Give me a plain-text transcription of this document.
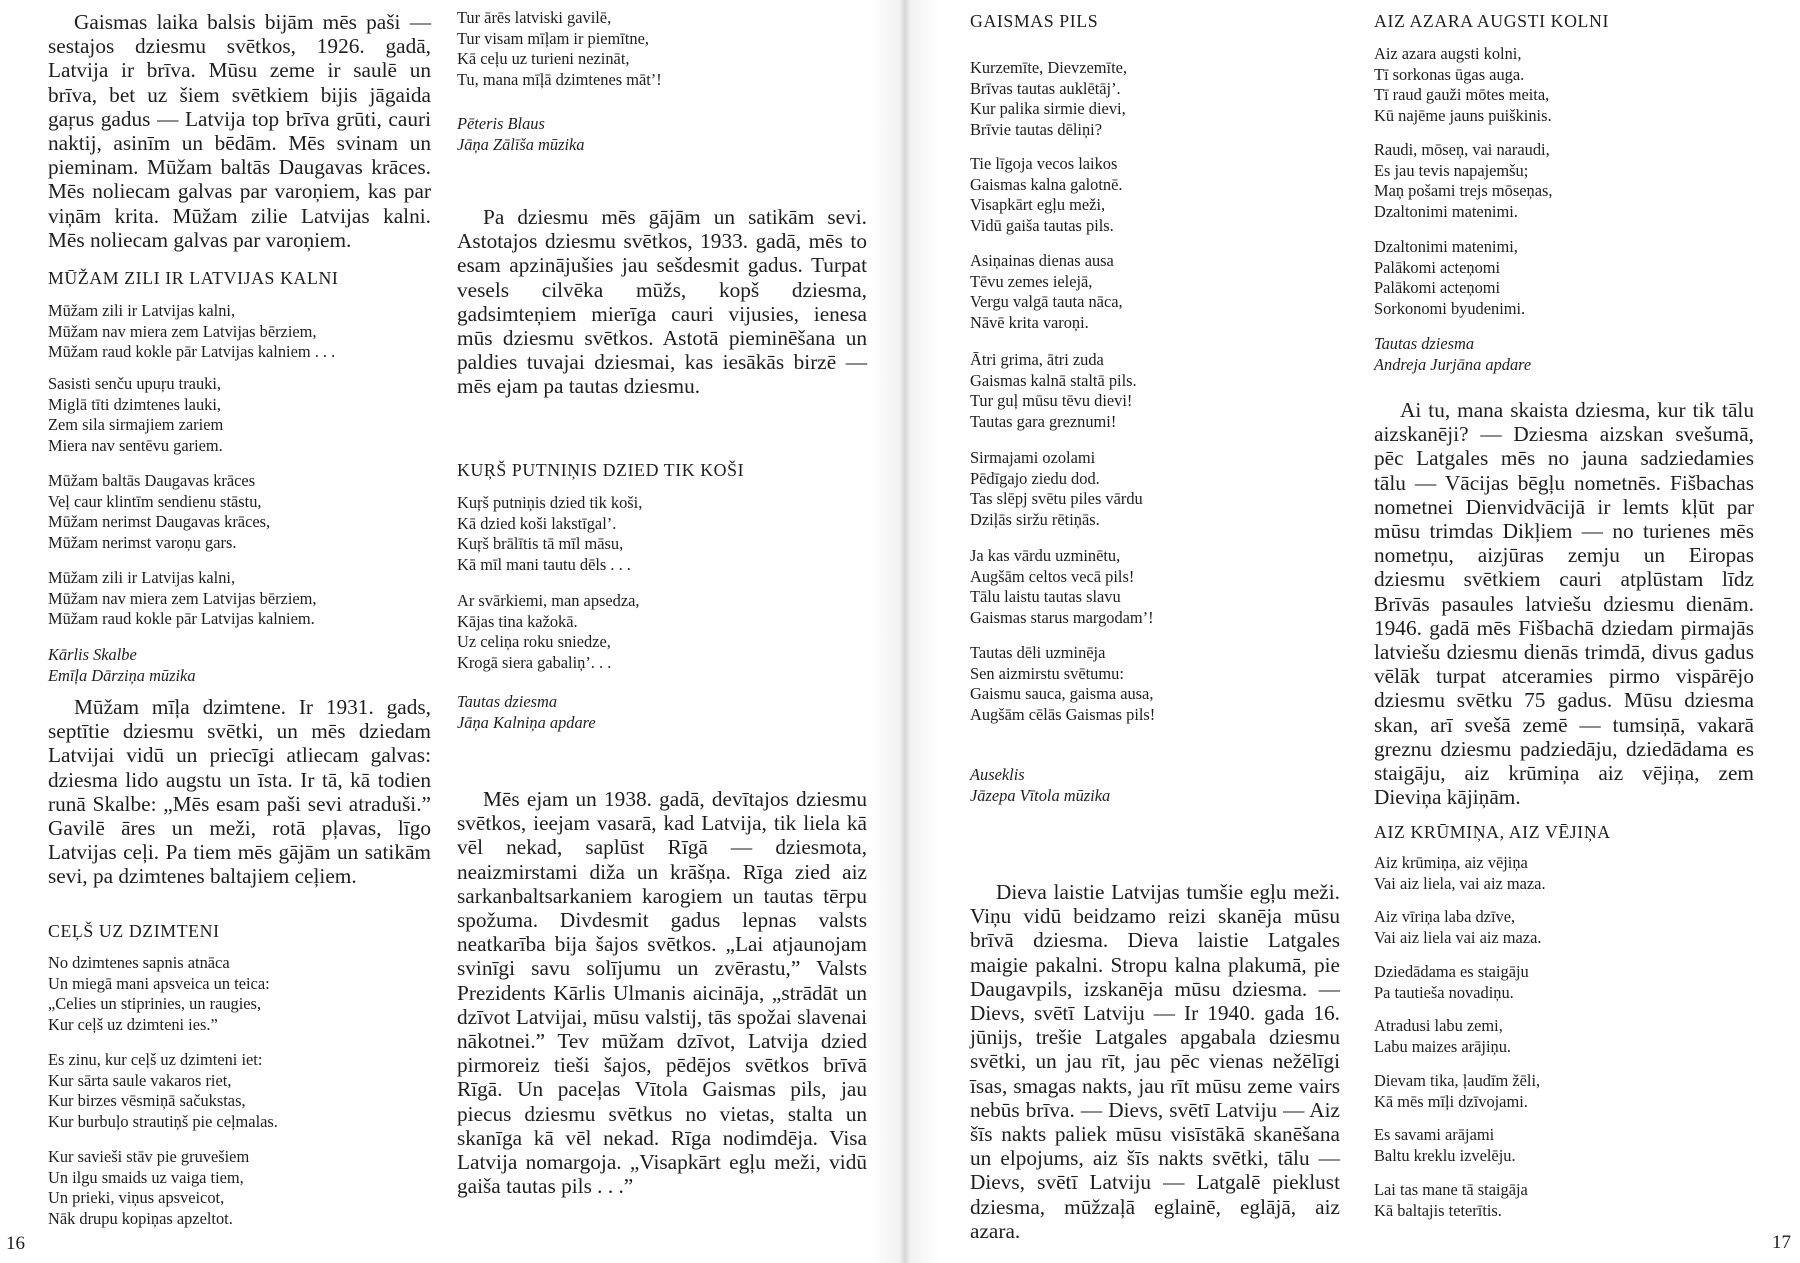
Gaismas laika balsis bijām mēs paši — sestajos dziesmu svētkos, 1926. gadā, Latvija ir brīva. Mūsu zeme ir saulē un brīva, bet uz šiem svētkiem bijis jāgaida gaŗus gadus — Latvija top brīva grūti, cauri naktij, asinīm un bēdām. Mēs svinam un pieminam. Mūžam baltās Daugavas krāces. Mēs noliecam galvas par varoņiem, kas par viņām krita. Mūžam zilie Latvijas kalni. Mēs noliecam galvas par varoņiem.

MŪŽAM ZILI IR LATVIJAS KALNI
Mūžam zili ir Latvijas kalni,
Mūžam nav miera zem Latvijas bērziem,
Mūžam raud kokle pār Latvijas kalniem . . .
Sasisti senču upuŗu trauki,
Miglā tīti dzimtenes lauki,
Zem sila sirmajiem zariem
Miera nav sentēvu gariem.
Mūžam baltās Daugavas krāces
Veļ caur klintīm sendienu stāstu,
Mūžam nerimst Daugavas krāces,
Mūžam nerimst varoņu gars.
Mūžam zili ir Latvijas kalni,
Mūžam nav miera zem Latvijas bērziem,
Mūžam raud kokle pār Latvijas kalniem.
Kārlis Skalbe
Emīļa Dārziņa mūzika

Mūžam mīļa dzimtene. Ir 1931. gads, septītie dziesmu svētki, un mēs dziedam Latvijai vidū un priecīgi atliecam galvas: dziesma lido augstu un īsta. Ir tā, kā todien runā Skalbe: „Mēs esam paši sevi atraduši.” Gavilē āres un meži, rotā pļavas, līgo Latvijas ceļi. Pa tiem mēs gājām un satikām sevi, pa dzimtenes baltajiem ceļiem.

CEĻŠ UZ DZIMTENI
No dzimtenes sapnis atnāca
Un miegā mani apsveica un teica:
„Celies un stiprinies, un raugies,
Kur ceļš uz dzimteni ies.”
Es zinu, kur ceļš uz dzimteni iet:
Kur sārta saule vakaros riet,
Kur birzes vēsmiņā sačukstas,
Kur burbuļo strautiņš pie ceļmalas.
Kur savieši stāv pie gruvešiem
Un ilgu smaids uz vaiga tiem,
Un prieki, viņus apsveicot,
Nāk drupu kopiņas apzeltot.
Tur ārēs latviski gavilē,
Tur visam mīļam ir piemītne,
Kā ceļu uz turieni nezināt,
Tu, mana mīļā dzimtenes māt’!
Pēteris Blaus
Jāņa Zālīša mūzika

Pa dziesmu mēs gājām un satikām sevi. Astotajos dziesmu svētkos, 1933. gadā, mēs to esam apzinājušies jau sešdesmit gadus. Turpat vesels cilvēka mūžs, kopš dziesma, gadsimteņiem mierīga cauri vijusies, ienesa mūs dziesmu svētkos. Astotā pieminēšana un paldies tuvajai dziesmai, kas iesākās birzē — mēs ejam pa tautas dziesmu.

KUŖŠ PUTNIŅIS DZIED TIK KOŠI
Kuŗš putniņis dzied tik koši,
Kā dzied koši lakstīgal’.
Kuŗš brālītis tā mīl māsu,
Kā mīl mani tautu dēls . . .
Ar svārkiemi, man apsedza,
Kājas tina kažokā.
Uz celiņa roku sniedze,
Krogā siera gabaliņ’. . .
Tautas dziesma
Jāņa Kalniņa apdare

Mēs ejam un 1938. gadā, devītajos dziesmu svētkos, ieejam vasarā, kad Latvija, tik liela kā vēl nekad, saplūst Rīgā — dziesmota, neaizmirstami diža un krāšņa. Rīga zied aiz sarkanbaltsarkaniem karogiem un tautas tērpu spožuma. Divdesmit gadus lepnas valsts neatkarība bija šajos svētkos. „Lai atjaunojam svinīgi savu solījumu un zvērastu,” Valsts Prezidents Kārlis Ulmanis aicināja, „strādāt un dzīvot Latvijai, mūsu valstij, tās spožai slavenai nākotnei.” Tev mūžam dzīvot, Latvija dzied pirmoreiz tieši šajos, pēdējos svētkos brīvā Rīgā. Un paceļas Vītola Gaismas pils, jau piecus dziesmu svētkus no vietas, stalta un skanīga kā vēl nekad. Rīga nodimdēja. Visa Latvija nomargoja. „Visapkārt egļu meži, vidū gaiša tautas pils . . .”

16
GAISMAS PILS
Kurzemīte, Dievzemīte,
Brīvas tautas auklētāj’.
Kur palika sirmie dievi,
Brīvie tautas dēliņi?
Tie līgoja vecos laikos
Gaismas kalna galotnē.
Visapkārt egļu meži,
Vidū gaiša tautas pils.
Asiņainas dienas ausa
Tēvu zemes ielejā,
Vergu valgā tauta nāca,
Nāvē krita varoņi.
Ātri grima, ātri zuda
Gaismas kalnā staltā pils.
Tur guļ mūsu tēvu dievi!
Tautas gara greznumi!
Sirmajami ozolami
Pēdīgajo ziedu dod.
Tas slēpj svētu piles vārdu
Dziļās siržu rētiņās.
Ja kas vārdu uzminētu,
Augšām celtos vecā pils!
Tālu laistu tautas slavu
Gaismas starus margodam’!
Tautas dēli uzminēja
Sen aizmirstu svētumu:
Gaismu sauca, gaisma ausa,
Augšām cēlās Gaismas pils!
Auseklis
Jāzepa Vītola mūzika

Dieva laistie Latvijas tumšie egļu meži. Viņu vidū beidzamo reizi skanēja mūsu brīvā dziesma. Dieva laistie Latgales maigie pakalni. Stropu kalna plakumā, pie Daugavpils, izskanēja mūsu dziesma. — Dievs, svētī Latviju — Ir 1940. gada 16. jūnijs, trešie Latgales apgabala dziesmu svētki, un jau rīt, jau pēc vienas nežēlīgi īsas, smagas nakts, jau rīt mūsu zeme vairs nebūs brīva. — Dievs, svētī Latviju — Aiz šīs nakts paliek mūsu visīstākā skanēšana un elpojums, aiz šīs nakts svētki, tālu — Dievs, svētī Latviju — Latgalē pieklust dziesma, mūžzaļā eglainē, eglājā, aiz azara.

AIZ AZARA AUGSTI KOLNI
Aiz azara augsti kolni,
Tī sorkonas ūgas auga.
Tī raud gauži mōtes meita,
Kū najēme jauns puiškinis.
Raudi, mōseņ, vai naraudi,
Es jau tevis napajemšu;
Maņ pošami trejs mōseņas,
Dzaltonimi matenimi.
Dzaltonimi matenimi,
Palākomi acteņomi
Palākomi acteņomi
Sorkonomi byudenimi.
Tautas dziesma
Andreja Jurjāna apdare

Ai tu, mana skaista dziesma, kur tik tālu aizskanēji? — Dziesma aizskan svešumā, pēc Latgales mēs no jauna sadziedamies tālu — Vācijas bēgļu nometnēs. Fišbachas nometnei Dienvidvācijā ir lemts kļūt par mūsu trimdas Dikļiem — no turienes mēs nometņu, aizjūras zemju un Eiropas dziesmu svētkiem cauri atplūstam līdz Brīvās pasaules latviešu dziesmu dienām. 1946. gadā mēs Fišbachā dziedam pirmajās latviešu dziesmu dienās trimdā, divus gadus vēlāk turpat atceramies pirmo vispārējo dziesmu svētku 75 gadus. Mūsu dziesma skan, arī svešā zemē — tumsiņā, vakarā greznu dziesmu padziedāju, dziedādama es staigāju, aiz krūmiņa aiz vējiņa, zem Dieviņa kājiņām.

AIZ KRŪMIŅA, AIZ VĒJIŅA
Aiz krūmiņa, aiz vējiņa
Vai aiz liela, vai aiz maza.
Aiz vīriņa laba dzīve,
Vai aiz liela vai aiz maza.
Dziedādama es staigāju
Pa tautieša novadiņu.
Atradusi labu zemi,
Labu maizes arājiņu.
Dievam tika, ļaudīm žēli,
Kā mēs mīļi dzīvojami.
Es savami arājami
Baltu kreklu izvelēju.
Lai tas mane tā staigāja
Kā baltajis teterītis.
17
